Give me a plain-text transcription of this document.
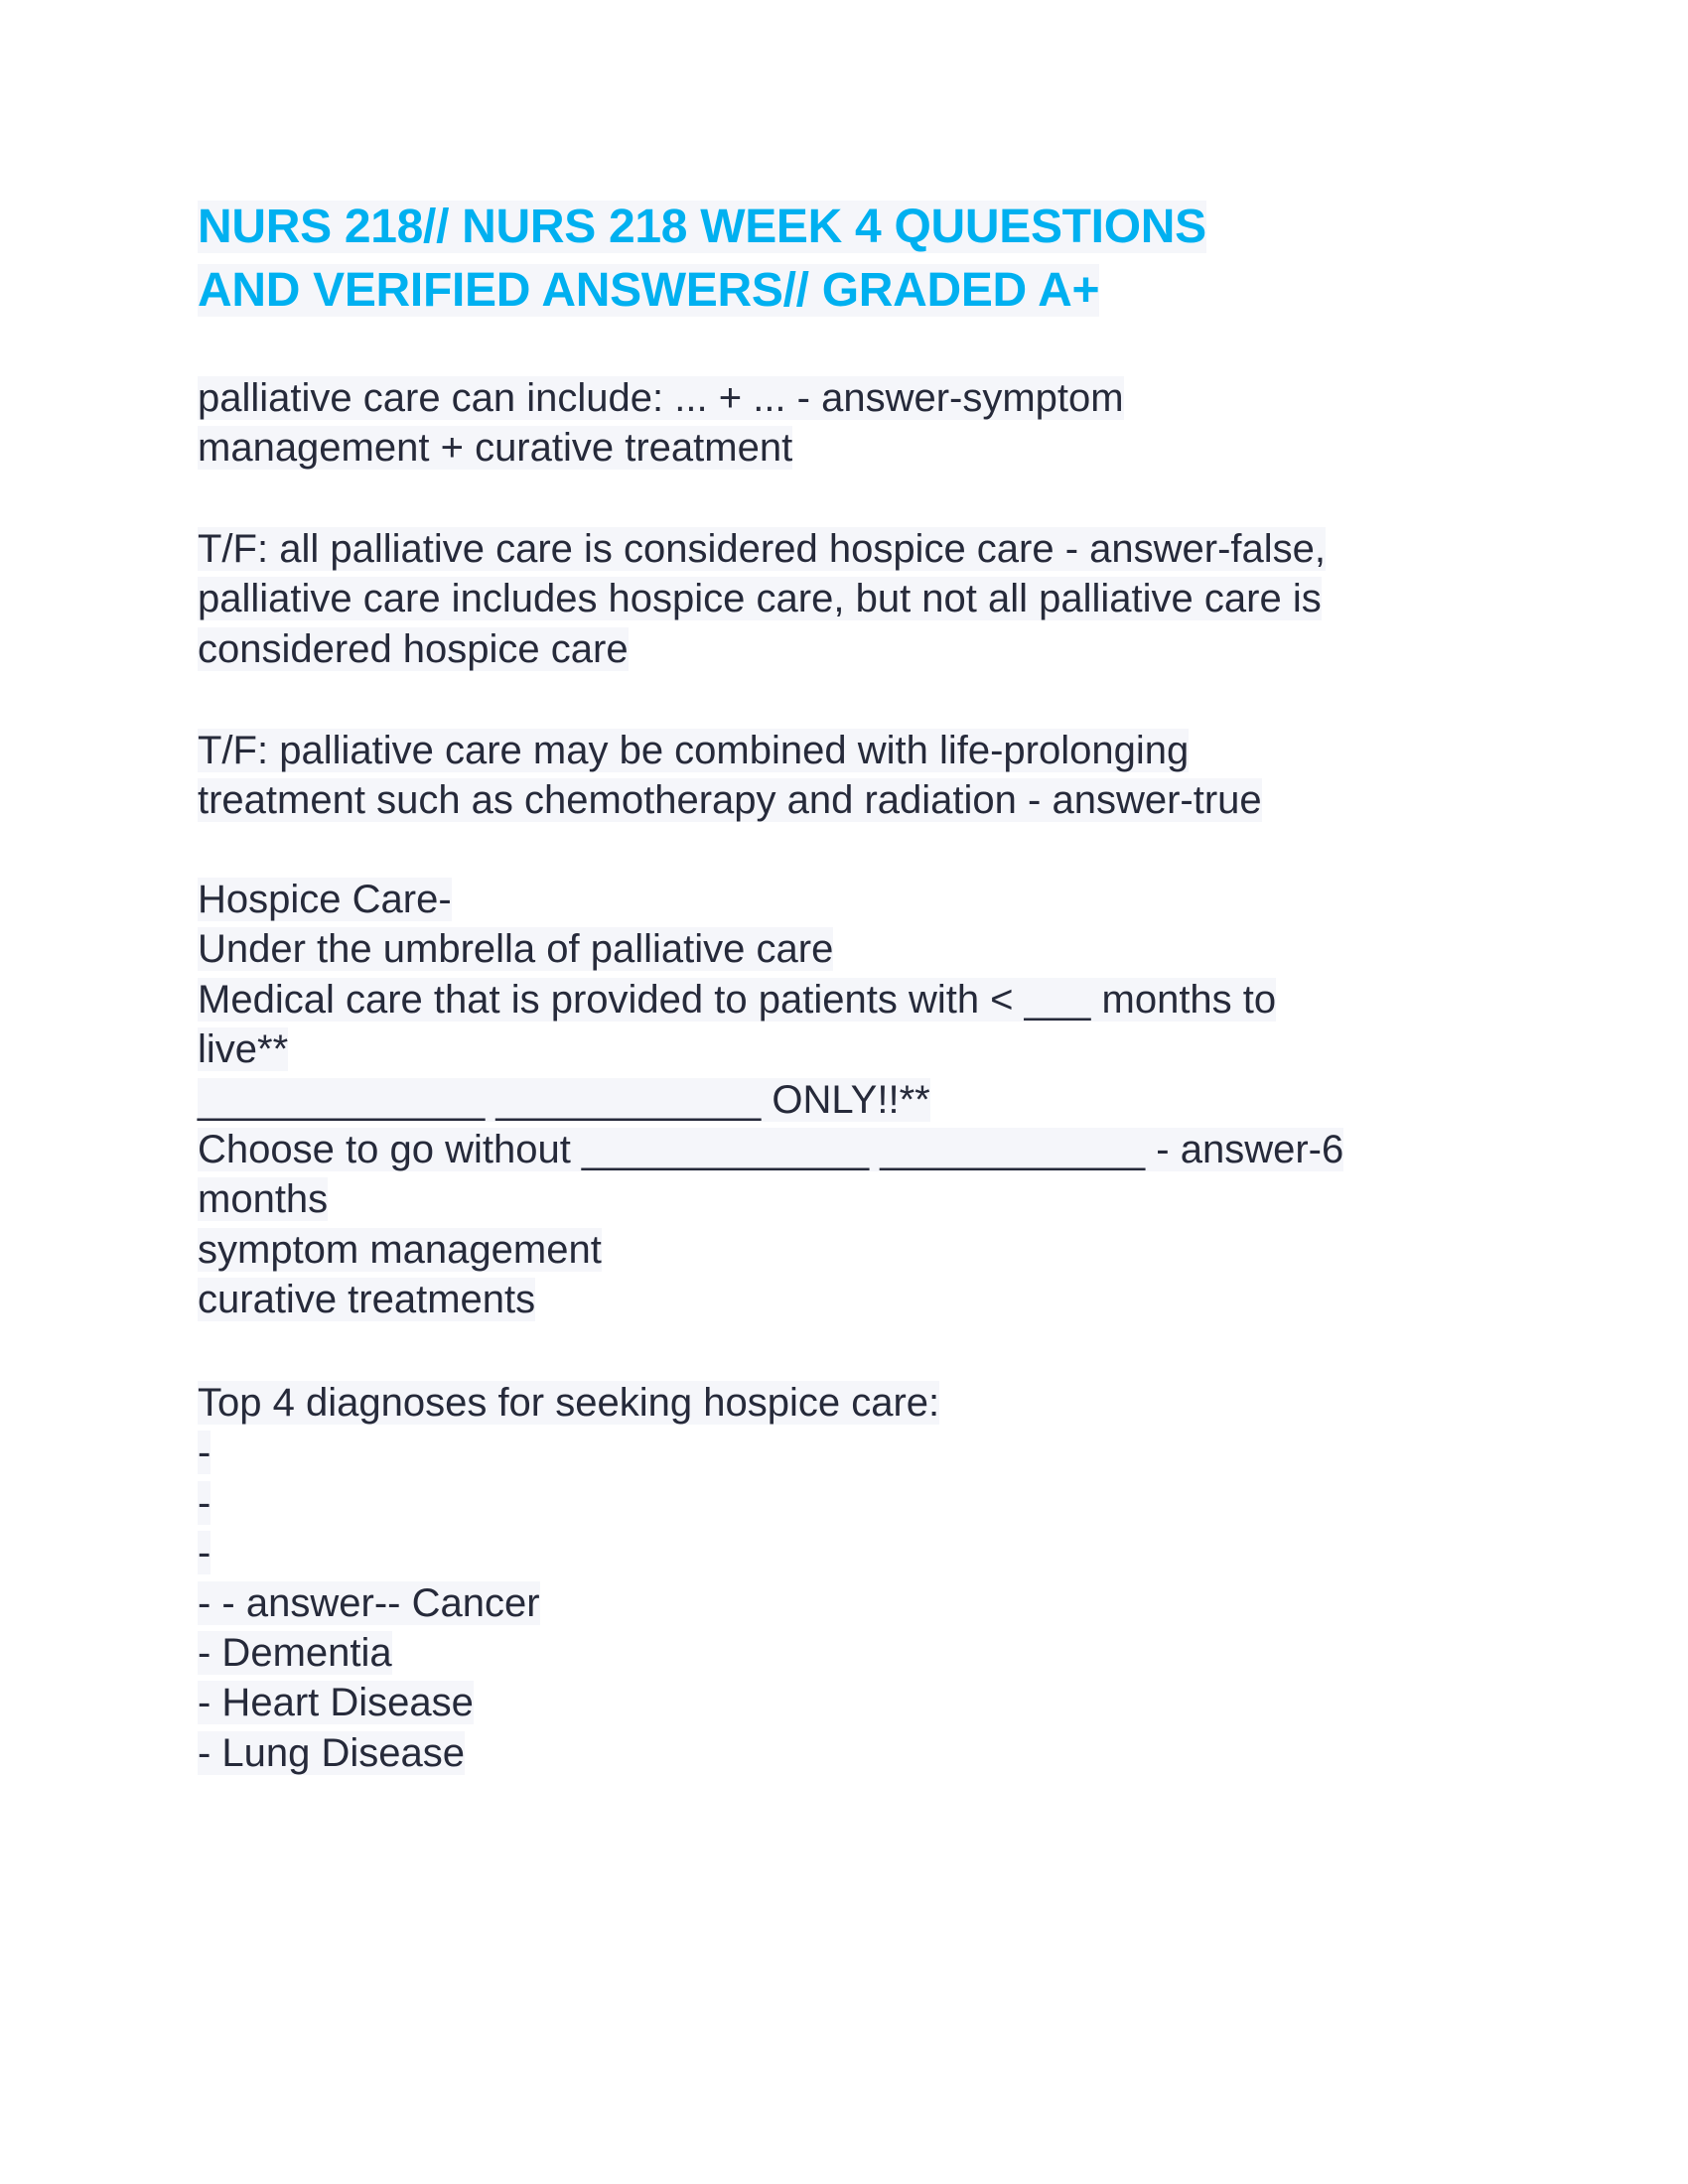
NURS 218// NURS 218 WEEK 4 QUUESTIONS
AND VERIFIED ANSWERS// GRADED A+
palliative care can include: ... + ... - answer-symptom
management + curative treatment
T/F: all palliative care is considered hospice care - answer-false,
palliative care includes hospice care, but not all palliative care is
considered hospice care
T/F: palliative care may be combined with life-prolonging
treatment such as chemotherapy and radiation - answer-true
Hospice Care-
Under the umbrella of palliative care
Medical care that is provided to patients with < ___ months to
live**
_____________ ____________ ONLY!!**
Choose to go without _____________ ____________ - answer-6
months
symptom management
curative treatments
Top 4 diagnoses for seeking hospice care:
-
-
-
- - answer-- Cancer
- Dementia
- Heart Disease
- Lung Disease
